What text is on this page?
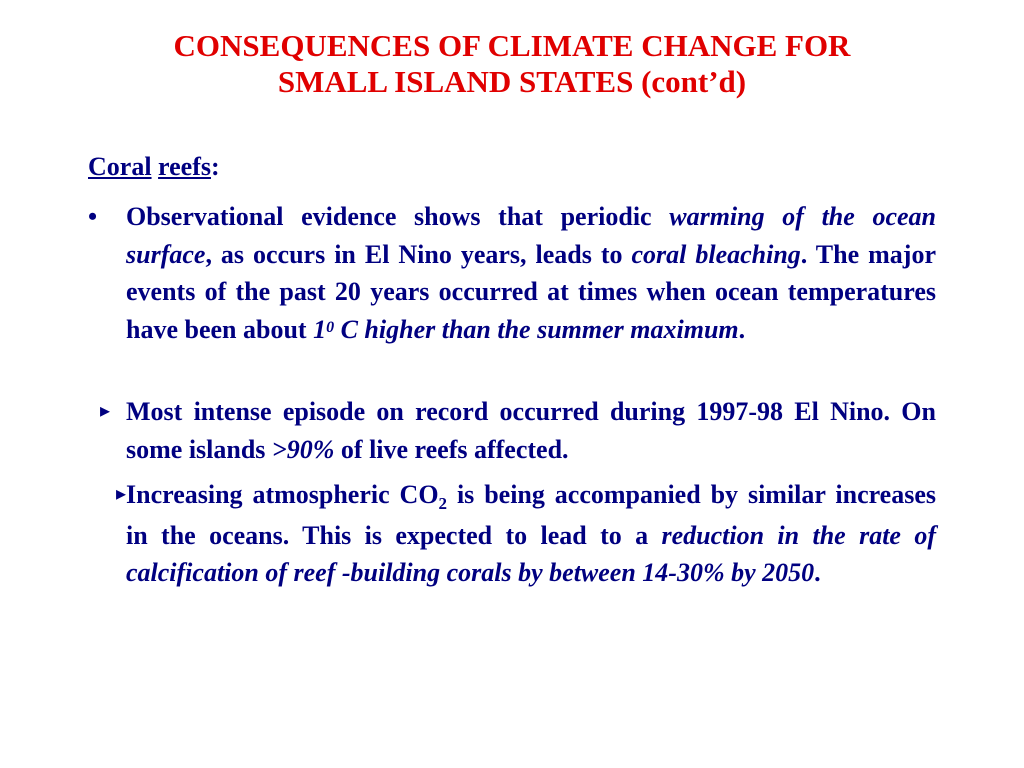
CONSEQUENCES OF CLIMATE CHANGE FOR
SMALL ISLAND STATES (cont’d)

Coral reefs:

• Observational evidence shows that periodic warming of the ocean surface, as occurs in El Nino years, leads to coral bleaching. The major events of the past 20 years occurred at times when ocean temperatures have been about $1^0$ C higher than the summer maximum.

▸ Most intense episode on record occurred during 1997-98 El Nino. On some islands >90% of live reefs affected.

▸ Increasing atmospheric $CO_2$ is being accompanied by similar increases in the oceans. This is expected to lead to a reduction in the rate of calcification of reef -building corals by between 14-30% by 2050.
